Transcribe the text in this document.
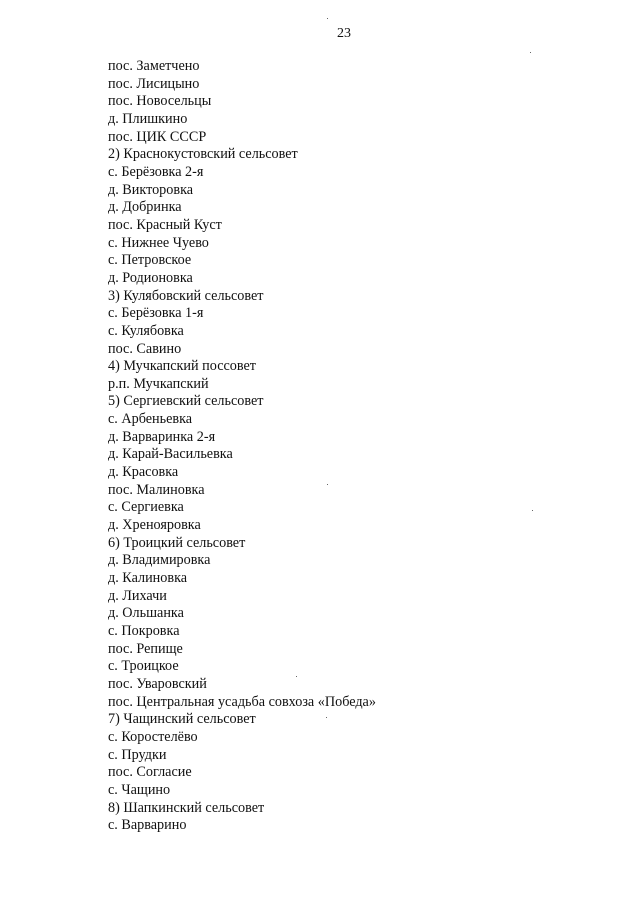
23
пос. Заметчено
пос. Лисицыно
пос. Новосельцы
д. Плишкино
пос. ЦИК СССР
2) Краснокустовский сельсовет
с. Берёзовка 2-я
д. Викторовка
д. Добринка
пос. Красный Куст
с. Нижнее Чуево
с. Петровское
д. Родионовка
3) Кулябовский сельсовет
с. Берёзовка 1-я
с. Кулябовка
пос. Савино
4) Мучкапский поссовет
р.п. Мучкапский
5) Сергиевский сельсовет
с. Арбеньевка
д. Варваринка 2-я
д. Карай-Васильевка
д. Красовка
пос. Малиновка
с. Сергиевка
д. Хренояровка
6) Троицкий сельсовет
д. Владимировка
д. Калиновка
д. Лихачи
д. Ольшанка
с. Покровка
пос. Репище
с. Троицкое
пос. Уваровский
пос. Центральная усадьба совхоза «Победа»
7) Чащинский сельсовет
с. Коростелёво
с. Прудки
пос. Согласие
с. Чащино
8) Шапкинский сельсовет
с. Варварино
